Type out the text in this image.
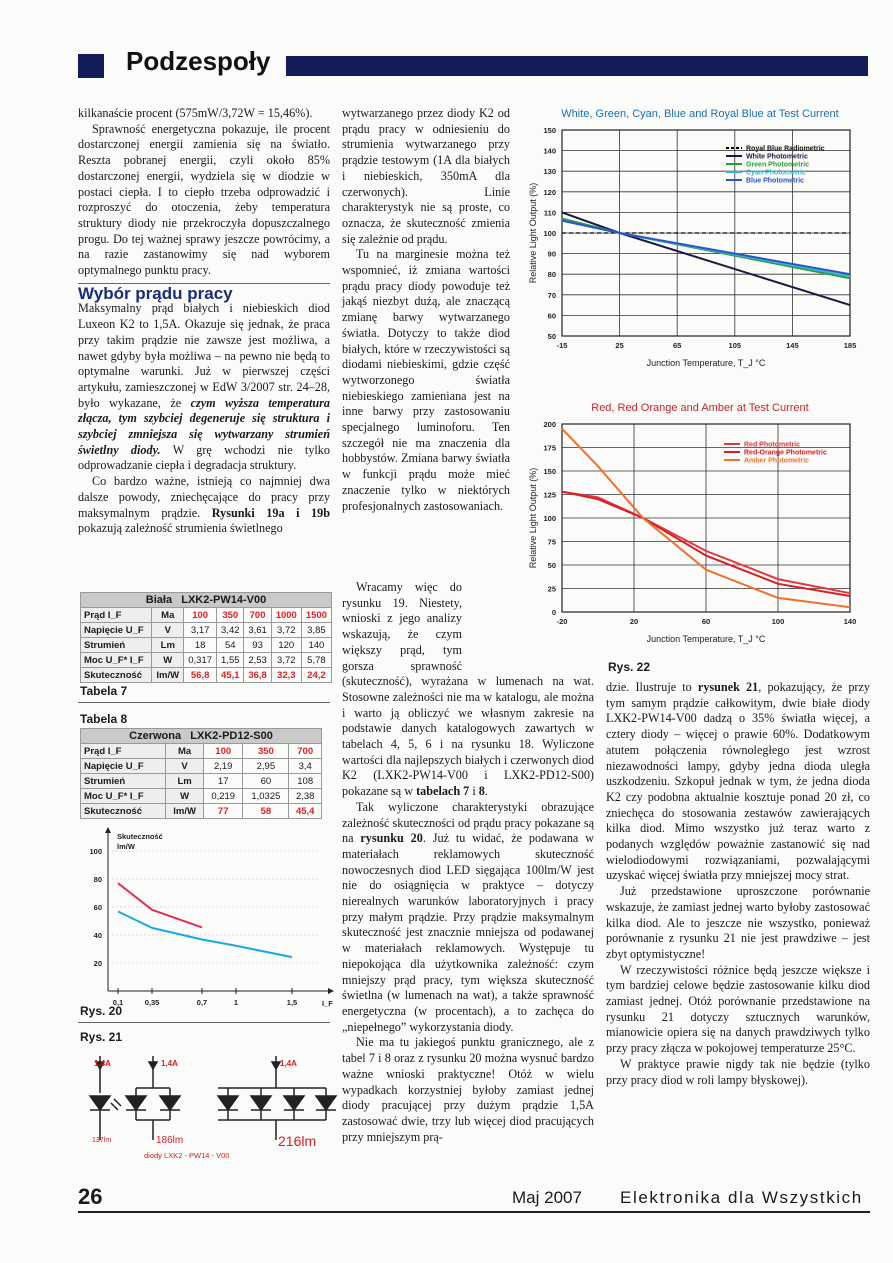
Podzespoły

kilkanaście procent (575mW/3,72W = 15,46%).

Sprawność energetyczna pokazuje, ile procent dostarczonej energii zamienia się na światło. Reszta pobranej energii, czyli około 85% dostarczonej energii, wydziela się w diodzie w postaci ciepła. I to ciepło trzeba odprowadzić i rozproszyć do otoczenia, żeby temperatura struktury diody nie przekroczyła dopuszczalnego progu. Do tej ważnej sprawy jeszcze powrócimy, a na razie zastanowimy się nad wyborem optymalnego punktu pracy.

Wybór prądu pracy

Maksymalny prąd białych i niebieskich diod Luxeon K2 to 1,5A. Okazuje się jednak, że praca przy takim prądzie nie zawsze jest możliwa, a nawet gdyby była możliwa – na pewno nie będą to optymalne warunki. Już w pierwszej części artykułu, zamieszczonej w EdW 3/2007 str. 24–28, było wykazane, że czym wyższa temperatura złącza, tym szybciej degeneruje się struktura i szybciej zmniejsza się wytwarzany strumień świetlny diody. W grę wchodzi nie tylko odprowadzanie ciepła i degradacja struktury.

Co bardzo ważne, istnieją co najmniej dwa dalsze powody, zniechęcające do pracy przy maksymalnym prądzie. Rysunki 19a i 19b pokazują zależność strumienia świetlnego

Biała LXK2-PW14-V00						
Prąd I_F	Ma	100	350	700	1000	1500
Napięcie U_F	V	3,17	3,42	3,61	3,72	3,85
Strumień	Lm	18	54	93	120	140
Moc U_F* I_F	W	0,317	1,55	2,53	3,72	5,78
Skuteczność	lm/W	56,8	45,1	36,8	32,3	24,2
Tabela 7
Tabela 8
Czerwona LXK2-PD12-S00				
Prąd I_F	Ma	100	350	700
Napięcie U_F	V	2,19	2,95	3,4
Strumień	Lm	17	60	108
Moc U_F* I_F	W	0,219	1,0325	2,38
Skuteczność	lm/W	77	58	45,4
20
40
60
80
100
0,1	0,35	0,7	1	1,5	I_F
Skuteczność
lm/W
Rys. 20
Rys. 21
1,4A	1,4A	1,4A
137lm	186lm	216lm
diody LXK2 - PW14 - V00

wytwarzanego przez diody K2 od prądu pracy w odniesieniu do strumienia wytwarzanego przy prądzie testowym (1A dla białych i niebieskich, 350mA dla czerwonych). Linie charakterystyk nie są proste, co oznacza, że skuteczność zmienia się zależnie od prądu.

Tu na marginesie można też wspomnieć, iż zmiana wartości prądu pracy diody powoduje też jakąś niezbyt dużą, ale znaczącą zmianę barwy wytwarzanego światła. Dotyczy to także diod białych, które w rzeczywistości są diodami niebieskimi, gdzie część wytworzonego światła niebieskiego zamieniana jest na inne barwy przy zastosowaniu specjalnego luminoforu. Ten szczegół nie ma znaczenia dla hobbystów. Zmiana barwy światła w funkcji prądu może mieć znaczenie tylko w niektórych profesjonalnych zastosowaniach.

Wracamy więc do rysunku 19. Niestety, wnioski z jego analizy wskazują, że czym większy prąd, tym gorsza sprawność (skuteczność), wyrażana w lumenach na wat. Stosowne zależności nie ma w katalogu, ale można i warto ją obliczyć we własnym zakresie na podstawie danych katalogowych zawartych w tabelach 4, 5, 6 i na rysunku 18. Wyliczone wartości dla najlepszych białych i czerwonych diod K2 (LXK2-PW14-V00 i LXK2-PD12-S00) pokazane są w tabelach 7 i 8.

Tak wyliczone charakterystyki obrazujące zależność skuteczności od prądu pracy pokazane są na rysunku 20. Już tu widać, że podawana w materiałach reklamowych skuteczność nowoczesnych diod LED sięgająca 100lm/W jest nie do osiągnięcia w praktyce – dotyczy nierealnych warunków laboratoryjnych i pracy przy małym prądzie. Przy prądzie maksymalnym skuteczność jest znacznie mniejsza od podawanej w materiałach reklamowych. Występuje tu niepokojąca dla użytkownika zależność: czym mniejszy prąd pracy, tym większa skuteczność świetlna (w lumenach na wat), a także sprawność energetyczna (w procentach), a to zachęca do „niepełnego” wykorzystania diody.

Nie ma tu jakiegoś punktu granicznego, ale z tabel 7 i 8 oraz z rysunku 20 można wysnuć bardzo ważne wnioski praktyczne! Otóż w wielu wypadkach korzystniej byłoby zamiast jednej diody pracującej przy dużym prądzie 1,5A zastosować dwie, trzy lub więcej diod pracujących przy mniejszym prą-

White, Green, Cyan, Blue and Royal Blue at Test Current
50
60
70
80
90
100
110
120
130
140
150
-15	25	65	105	145	185
Junction Temperature, T_J °C
Relative Light Output (%)
Royal Blue Radiometric
White Photometric
Green Photometric
Cyan Photometric
Blue Photometric
Red, Red Orange and Amber at Test Current
0
25
50
75
100
125
150
175
200
-20	20	60	100	140
Junction Temperature, T_J °C
Relative Light Output (%)
Red Photometric
Red-Orange Photometric
Amber Photometric
Rys. 22

dzie. Ilustruje to rysunek 21, pokazujący, że przy tym samym prądzie całkowitym, dwie białe diody LXK2-PW14-V00 dadzą o 35% światła więcej, a cztery diody – więcej o prawie 60%. Dodatkowym atutem połączenia równoległego jest wzrost niezawodności lampy, gdyby jedna dioda uległa uszkodzeniu. Szkopuł jednak w tym, że jedna dioda K2 czy podobna aktualnie kosztuje ponad 20 zł, co zniechęca do stosowania zestawów zawierających kilka diod. Mimo wszystko już teraz warto z podanych względów poważnie zastanowić się nad wielodiodowymi rozwiązaniami, pozwalającymi uzyskać więcej światła przy mniejszej mocy strat.

Już przedstawione uproszczone porównanie wskazuje, że zamiast jednej warto byłoby zastosować kilka diod. Ale to jeszcze nie wszystko, ponieważ porównanie z rysunku 21 nie jest prawdziwe – jest zbyt optymistyczne!

W rzeczywistości różnice będą jeszcze większe i tym bardziej celowe będzie zastosowanie kilku diod zamiast jednej. Otóż porównanie przedstawione na rysunku 21 dotyczy sztucznych warunków, mianowicie opiera się na danych prawdziwych tylko przy pracy złącza w pokojowej temperaturze 25°C.

W praktyce prawie nigdy tak nie będzie (tylko przy pracy diod w roli lampy błyskowej).

26	Maj 2007 Elektronika dla Wszystkich
